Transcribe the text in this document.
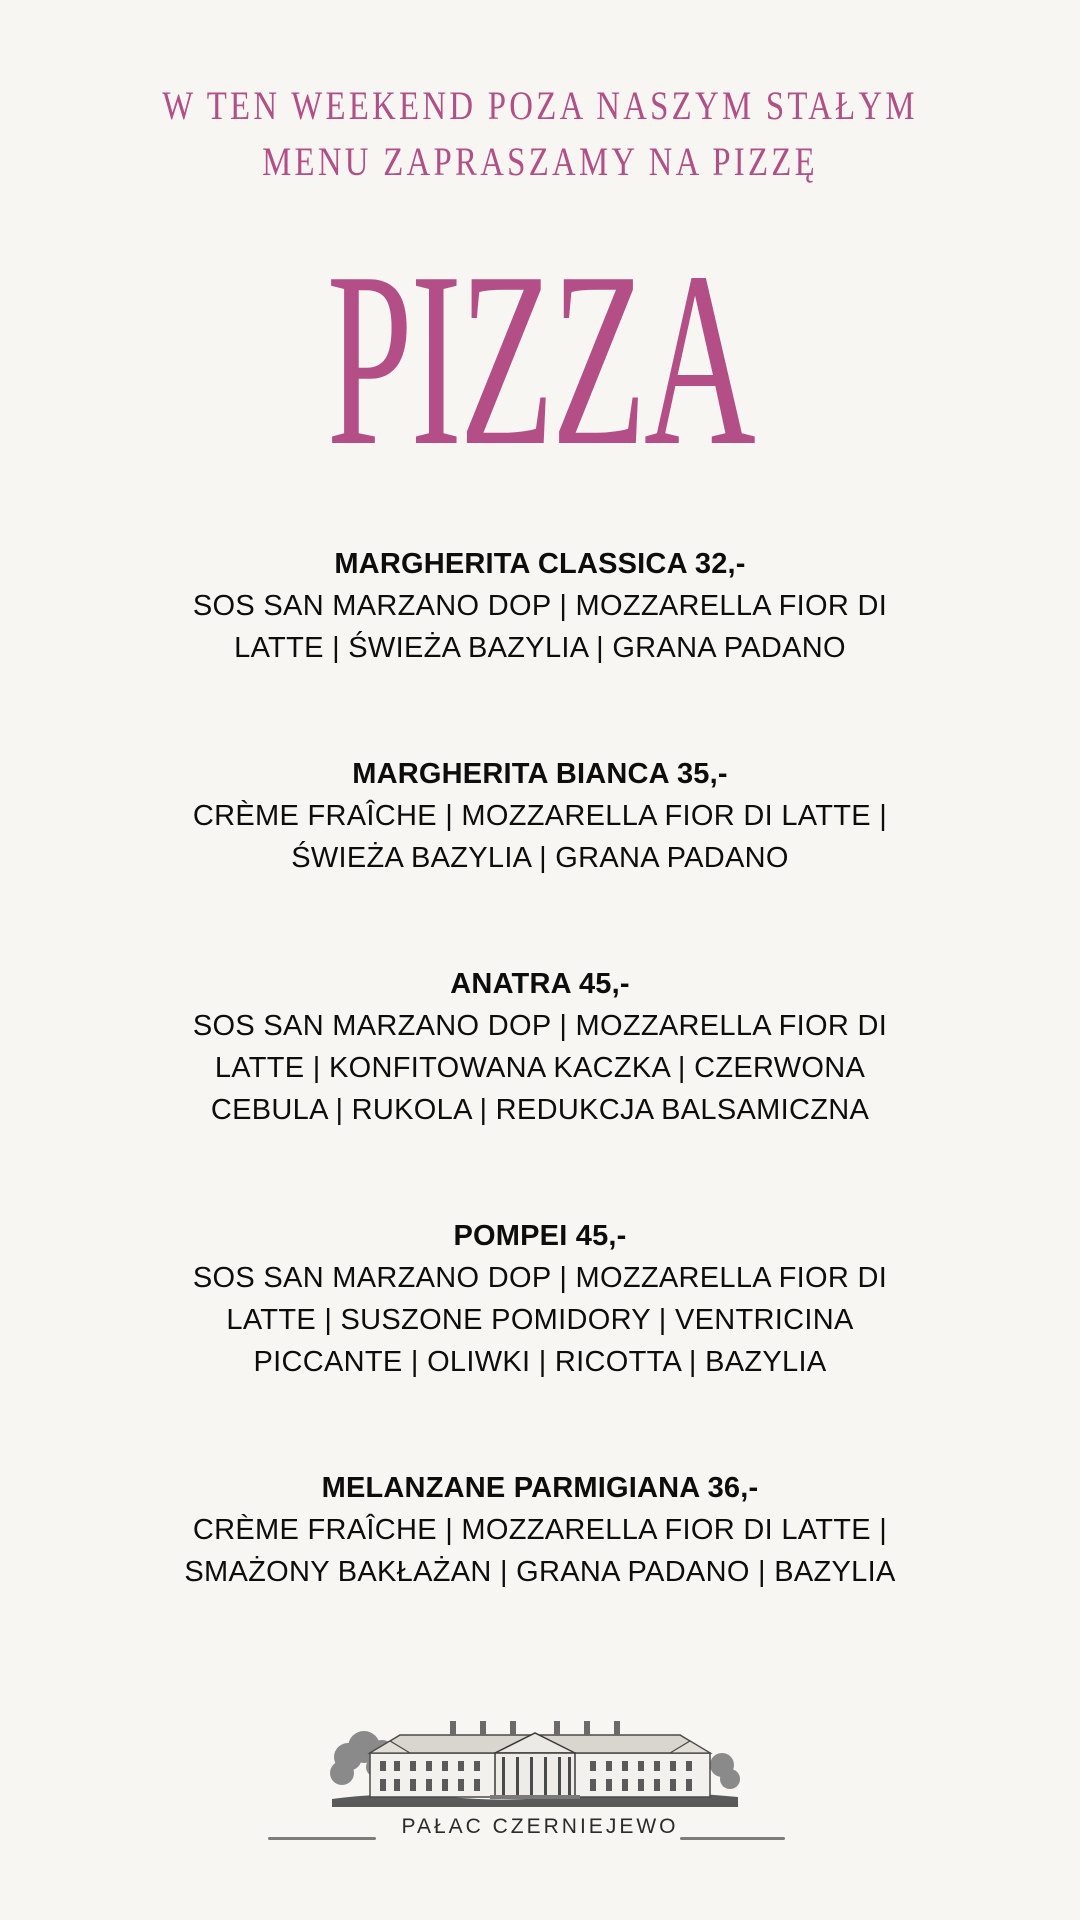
W TEN WEEKEND POZA NASZYM STAŁYM
MENU ZAPRASZAMY NA PIZZĘ
PIZZA
MARGHERITA CLASSICA 32,-
SOS SAN MARZANO DOP | MOZZARELLA FIOR DI
LATTE | ŚWIEŻA BAZYLIA | GRANA PADANO
MARGHERITA BIANCA 35,-
CRÈME FRAÎCHE | MOZZARELLA FIOR DI LATTE |
ŚWIEŻA BAZYLIA | GRANA PADANO
ANATRA 45,-
SOS SAN MARZANO DOP | MOZZARELLA FIOR DI
LATTE | KONFITOWANA KACZKA | CZERWONA
CEBULA | RUKOLA | REDUKCJA BALSAMICZNA
POMPEI 45,-
SOS SAN MARZANO DOP | MOZZARELLA FIOR DI
LATTE | SUSZONE POMIDORY | VENTRICINA
PICCANTE | OLIWKI | RICOTTA | BAZYLIA
MELANZANE PARMIGIANA 36,-
CRÈME FRAÎCHE | MOZZARELLA FIOR DI LATTE |
SMAŻONY BAKŁAŻAN | GRANA PADANO | BAZYLIA
PAŁAC CZERNIEJEWO
